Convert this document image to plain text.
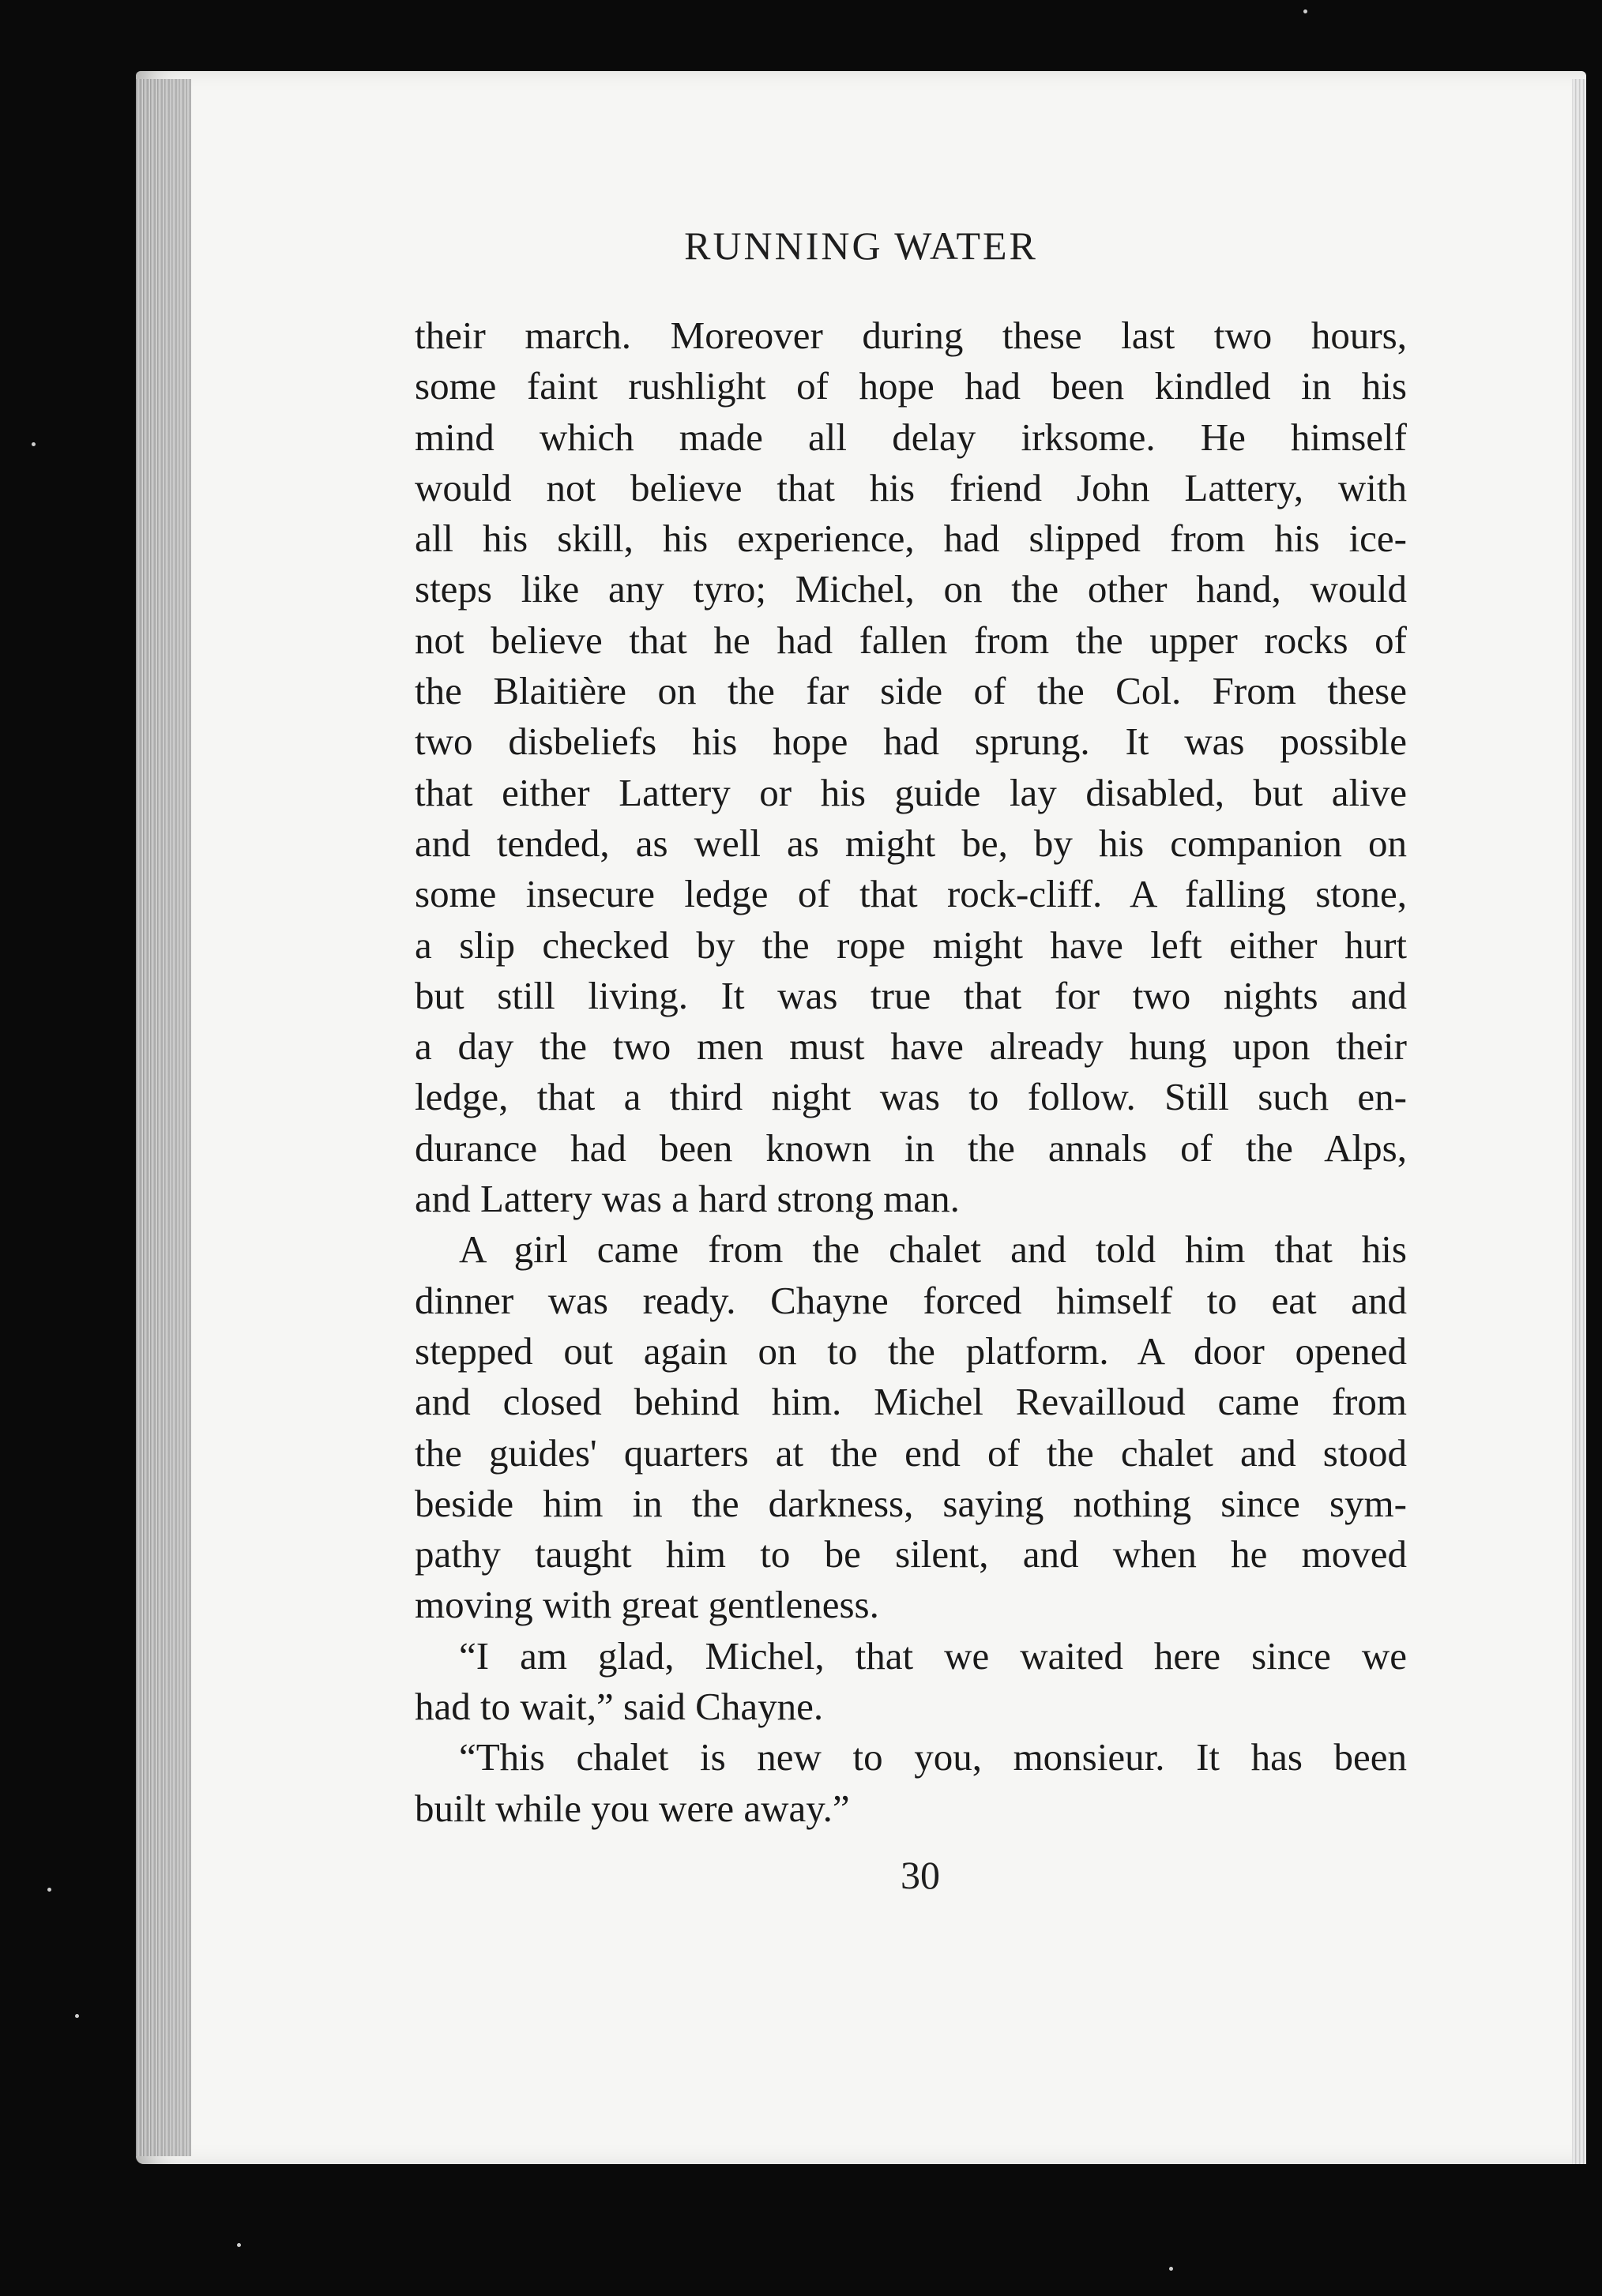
RUNNING WATER
their march. Moreover during these last two hours,
some faint rushlight of hope had been kindled in his
mind which made all delay irksome. He himself
would not believe that his friend John Lattery, with
all his skill, his experience, had slipped from his ice-
steps like any tyro; Michel, on the other hand, would
not believe that he had fallen from the upper rocks of
the Blaitière on the far side of the Col. From these
two disbeliefs his hope had sprung. It was possible
that either Lattery or his guide lay disabled, but alive
and tended, as well as might be, by his companion on
some insecure ledge of that rock-cliff. A falling stone,
a slip checked by the rope might have left either hurt
but still living. It was true that for two nights and
a day the two men must have already hung upon their
ledge, that a third night was to follow. Still such en-
durance had been known in the annals of the Alps,
and Lattery was a hard strong man.
A girl came from the chalet and told him that his
dinner was ready. Chayne forced himself to eat and
stepped out again on to the platform. A door opened
and closed behind him. Michel Revailloud came from
the guides' quarters at the end of the chalet and stood
beside him in the darkness, saying nothing since sym-
pathy taught him to be silent, and when he moved
moving with great gentleness.
“I am glad, Michel, that we waited here since we
had to wait,” said Chayne.
“This chalet is new to you, monsieur. It has been
built while you were away.”
30
